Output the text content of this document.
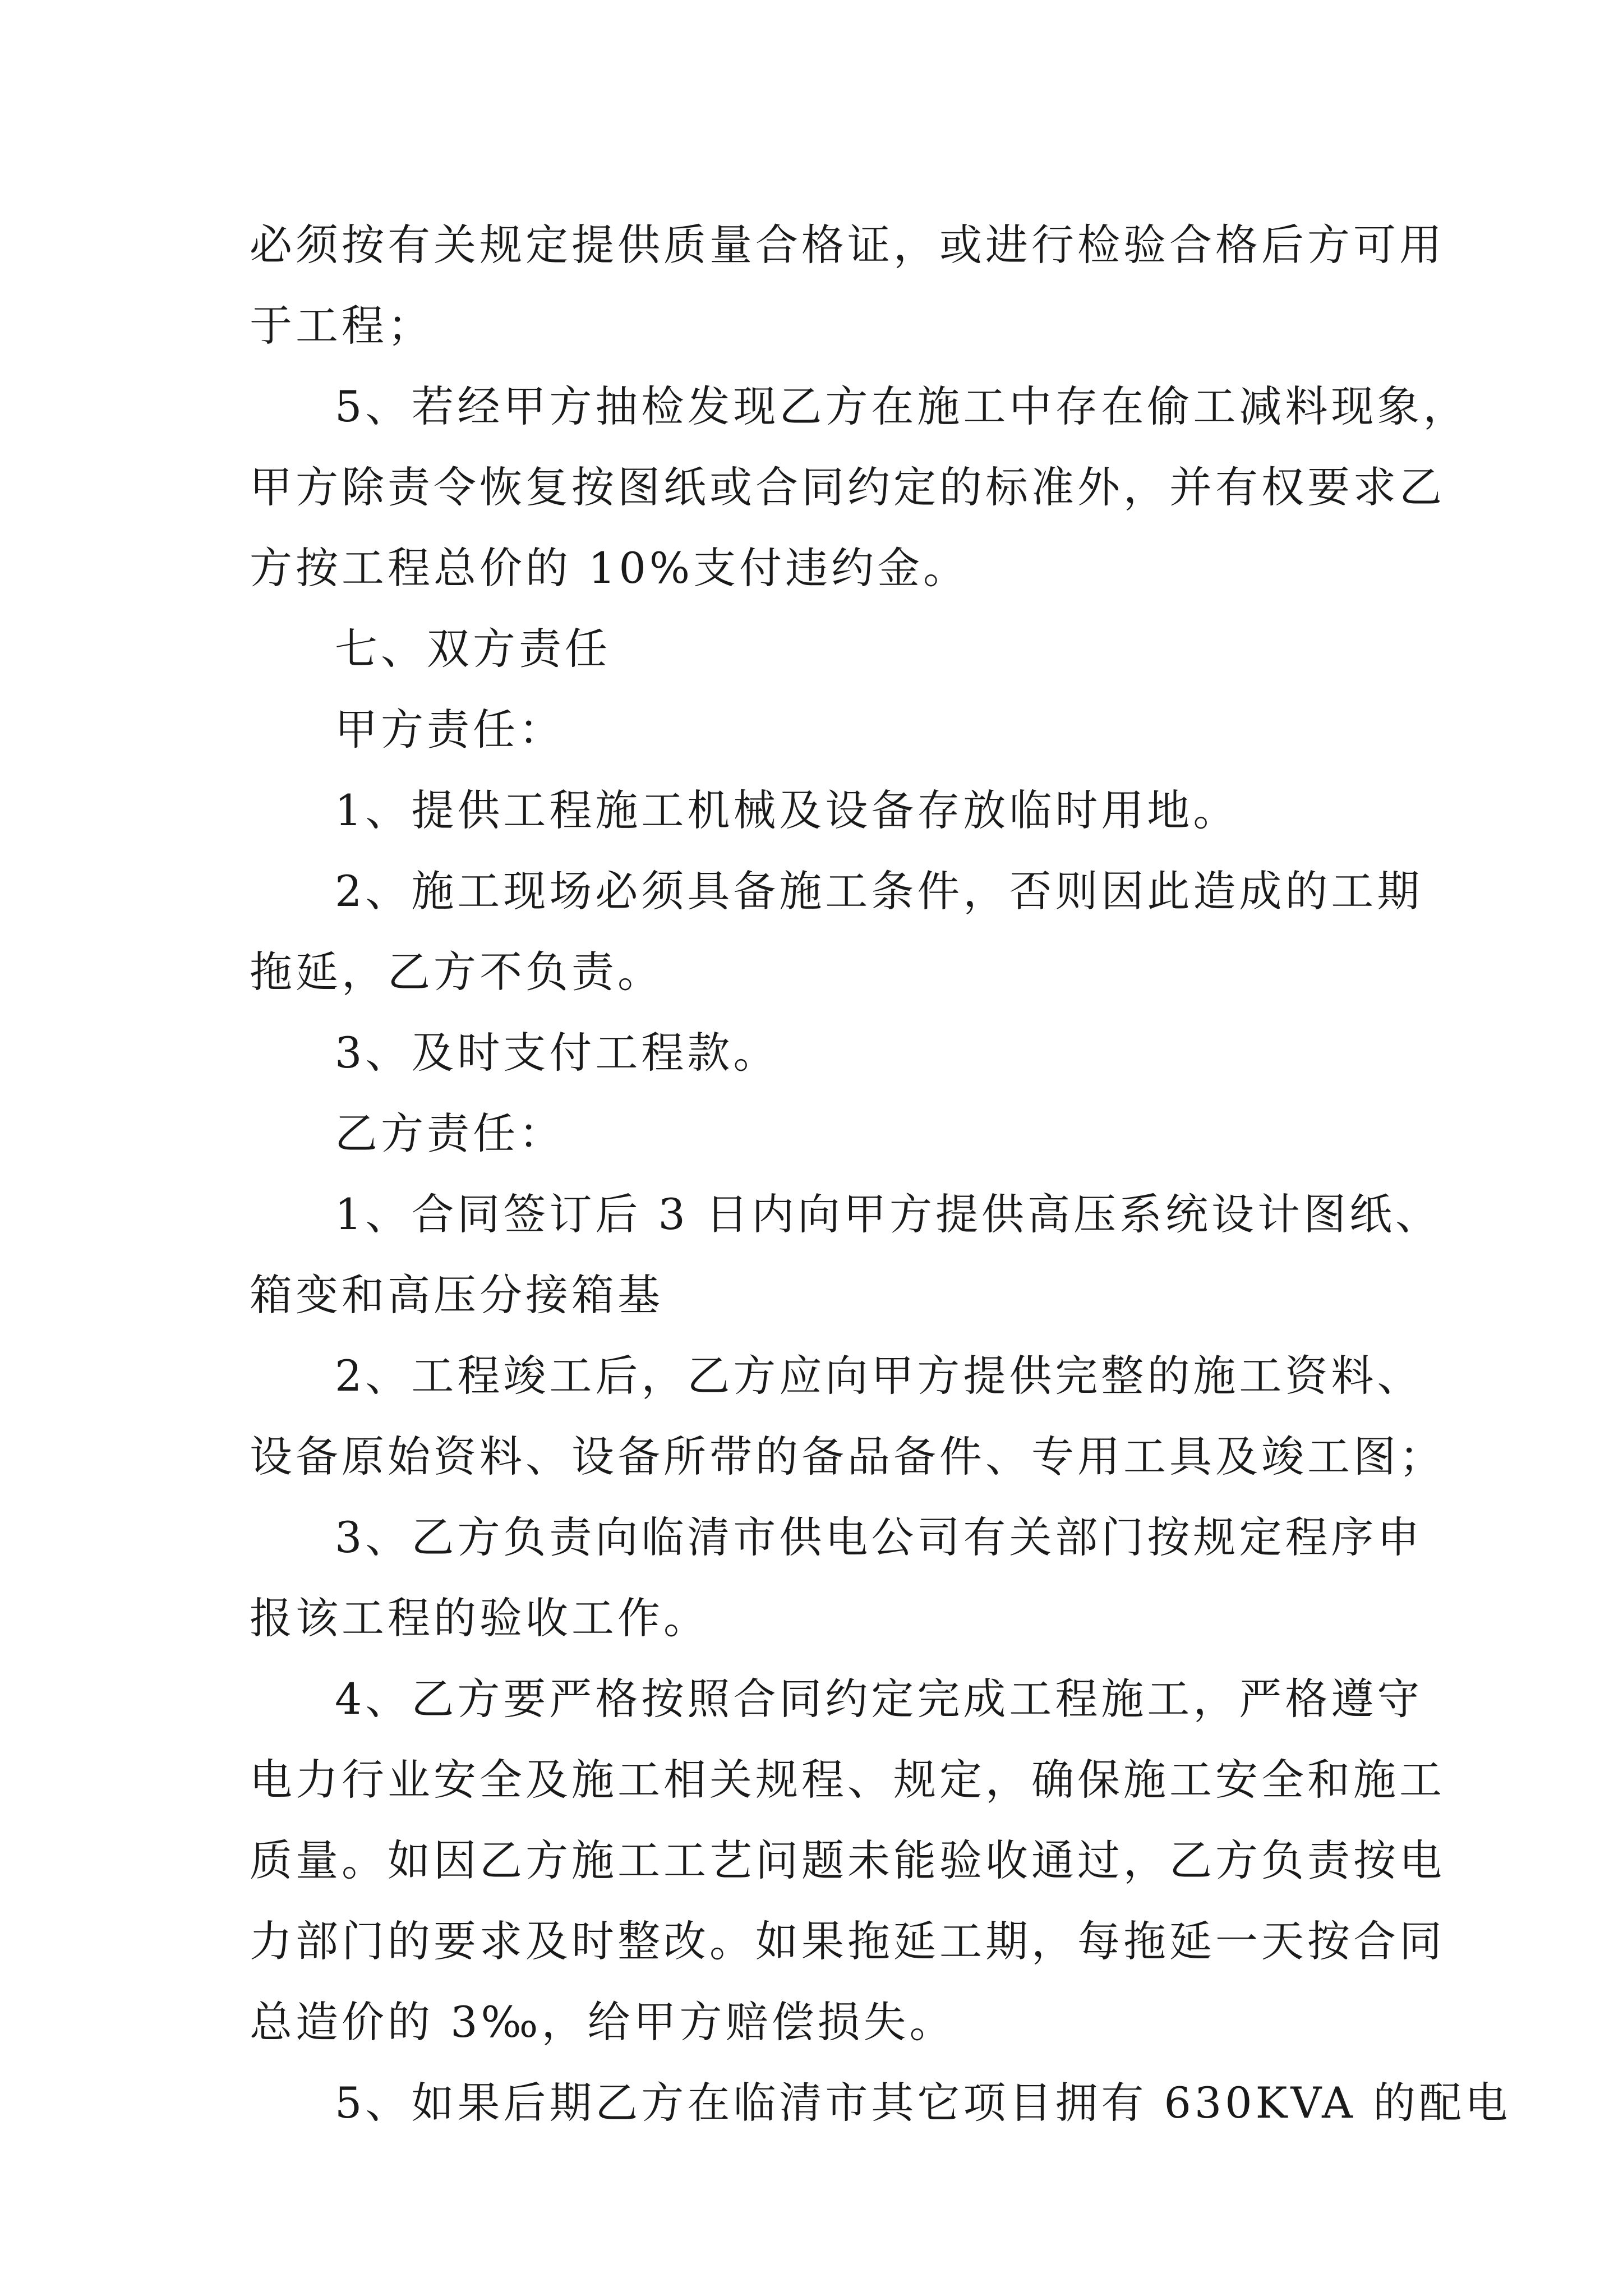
必须按有关规定提供质量合格证，或进行检验合格后方可用
于工程；
5、若经甲方抽检发现乙方在施工中存在偷工减料现象，
甲方除责令恢复按图纸或合同约定的标准外，并有权要求乙
方按工程总价的 10%支付违约金。
七、双方责任
甲方责任：
1、提供工程施工机械及设备存放临时用地。
2、施工现场必须具备施工条件，否则因此造成的工期
拖延，乙方不负责。
3、及时支付工程款。
乙方责任：
1、合同签订后 3 日内向甲方提供高压系统设计图纸、
箱变和高压分接箱基
2、工程竣工后，乙方应向甲方提供完整的施工资料、
设备原始资料、设备所带的备品备件、专用工具及竣工图；
3、乙方负责向临清市供电公司有关部门按规定程序申
报该工程的验收工作。
4、乙方要严格按照合同约定完成工程施工，严格遵守
电力行业安全及施工相关规程、规定，确保施工安全和施工
质量。如因乙方施工工艺问题未能验收通过，乙方负责按电
力部门的要求及时整改。如果拖延工期，每拖延一天按合同
总造价的 3‰，给甲方赔偿损失。
5、如果后期乙方在临清市其它项目拥有 630KVA 的配电
